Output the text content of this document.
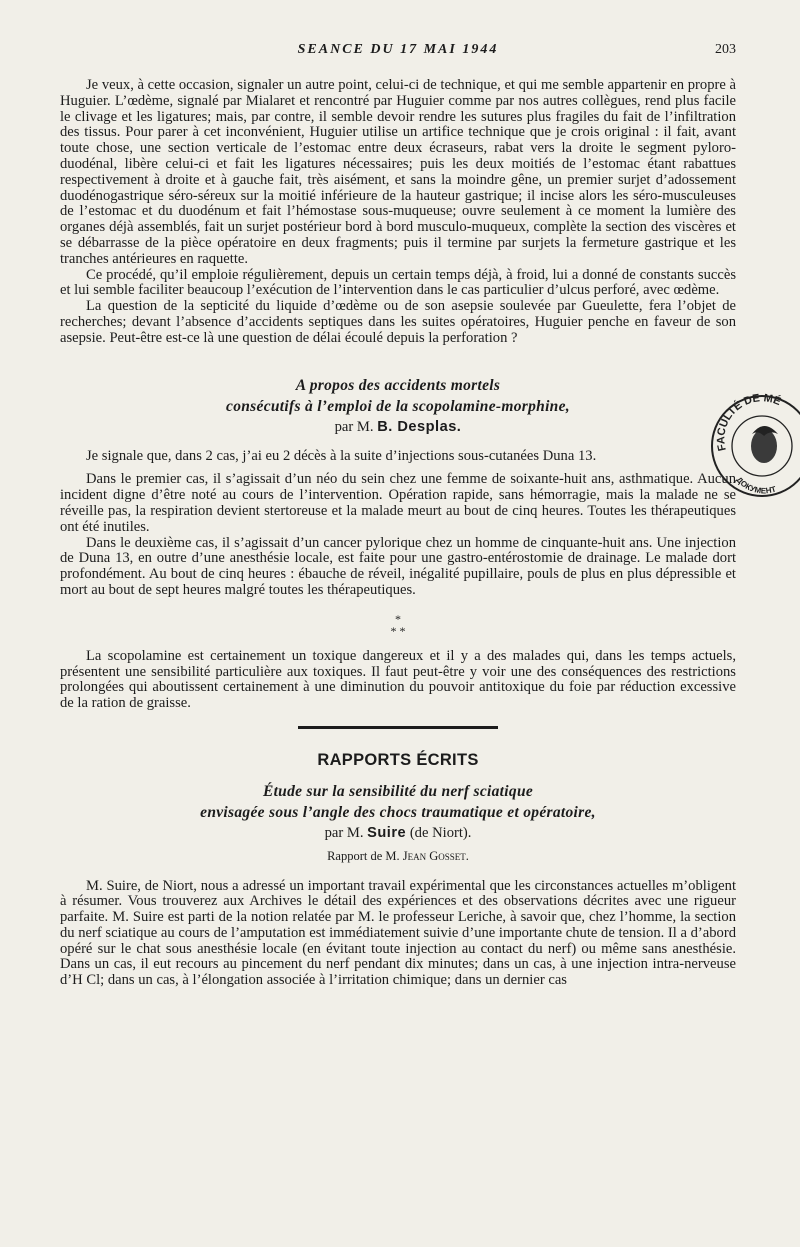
SEANCE DU 17 MAI 1944	203

Je veux, à cette occasion, signaler un autre point, celui-ci de technique, et qui me semble appartenir en propre à Huguier. L’œdème, signalé par Mialaret et rencontré par Huguier comme par nos autres collègues, rend plus facile le clivage et les ligatures; mais, par contre, il semble devoir rendre les sutures plus fragiles du fait de l’infiltration des tissus. Pour parer à cet inconvénient, Huguier utilise un artifice technique que je crois original : il fait, avant toute chose, une section verticale de l’estomac entre deux écraseurs, rabat vers la droite le segment pyloro-duodénal, libère celui-ci et fait les ligatures nécessaires; puis les deux moitiés de l’estomac étant rabattues respectivement à droite et à gauche fait, très aisément, et sans la moindre gêne, un premier surjet d’adossement duodénogastrique séro-séreux sur la moitié inférieure de la hauteur gastrique; il incise alors les séro-musculeuses de l’estomac et du duodénum et fait l’hémostase sous-muqueuse; ouvre seulement à ce moment la lumière des organes déjà assemblés, fait un surjet postérieur bord à bord musculo-muqueux, complète la section des viscères et se débarrasse de la pièce opératoire en deux fragments; puis il termine par surjets la fermeture gastrique et les tranches antérieures en raquette.

Ce procédé, qu’il emploie régulièrement, depuis un certain temps déjà, à froid, lui a donné de constants succès et lui semble faciliter beaucoup l’exécution de l’intervention dans le cas particulier d’ulcus perforé, avec œdème.

La question de la septicité du liquide d’œdème ou de son asepsie soulevée par Gueulette, fera l’objet de recherches; devant l’absence d’accidents septiques dans les suites opératoires, Huguier penche en faveur de son asepsie. Peut-être est-ce là une question de délai écoulé depuis la perforation ?

A propos des accidents mortels

consécutifs à l’emploi de la scopolamine-morphine,

par M. B. Desplas.

Je signale que, dans 2 cas, j’ai eu 2 décès à la suite d’injections sous-cutanées Duna 13.

Dans le premier cas, il s’agissait d’un néo du sein chez une femme de soixante-huit ans, asthmatique. Aucun incident digne d’être noté au cours de l’intervention. Opération rapide, sans hémorragie, mais la malade ne se réveille pas, la respiration devient stertoreuse et la malade meurt au bout de cinq heures. Toutes les thérapeutiques ont été inutiles.

Dans le deuxième cas, il s’agissait d’un cancer pylorique chez un homme de cinquante-huit ans. Une injection de Duna 13, en outre d’une anesthésie locale, est faite pour une gastro-entérostomie de drainage. Le malade dort profondément. Au bout de cinq heures : ébauche de réveil, inégalité pupillaire, pouls de plus en plus dépressible et mort au bout de sept heures malgré toutes les thérapeutiques.

*

* *

La scopolamine est certainement un toxique dangereux et il y a des malades qui, dans les temps actuels, présentent une sensibilité particulière aux toxiques. Il faut peut-être y voir une des conséquences des restrictions prolongées qui aboutissent certainement à une diminution du pouvoir antitoxique du foie par réduction excessive de la ration de graisse.

RAPPORTS ÉCRITS

Étude sur la sensibilité du nerf sciatique

envisagée sous l’angle des chocs traumatique et opératoire,

par M. Suire (de Niort).

Rapport de M. Jean Gosset.

M. Suire, de Niort, nous a adressé un important travail expérimental que les circonstances actuelles m’obligent à résumer. Vous trouverez aux Archives le détail des expériences et des observations décrites avec une rigueur parfaite. M. Suire est parti de la notion relatée par M. le professeur Leriche, à savoir que, chez l’homme, la section du nerf sciatique au cours de l’amputation est immédiatement suivie d’une importante chute de tension. Il a d’abord opéré sur le chat sous anesthésie locale (en évitant toute injection au contact du nerf) ou même sans anesthésie. Dans un cas, il eut recours au pincement du nerf pendant dix minutes; dans un cas, à une injection intra-nerveuse d’H Cl; dans un cas, à l’élongation associée à l’irritation chimique; dans un dernier cas

FACULTÉ DE MÉ
ДОКУМЕНТ
